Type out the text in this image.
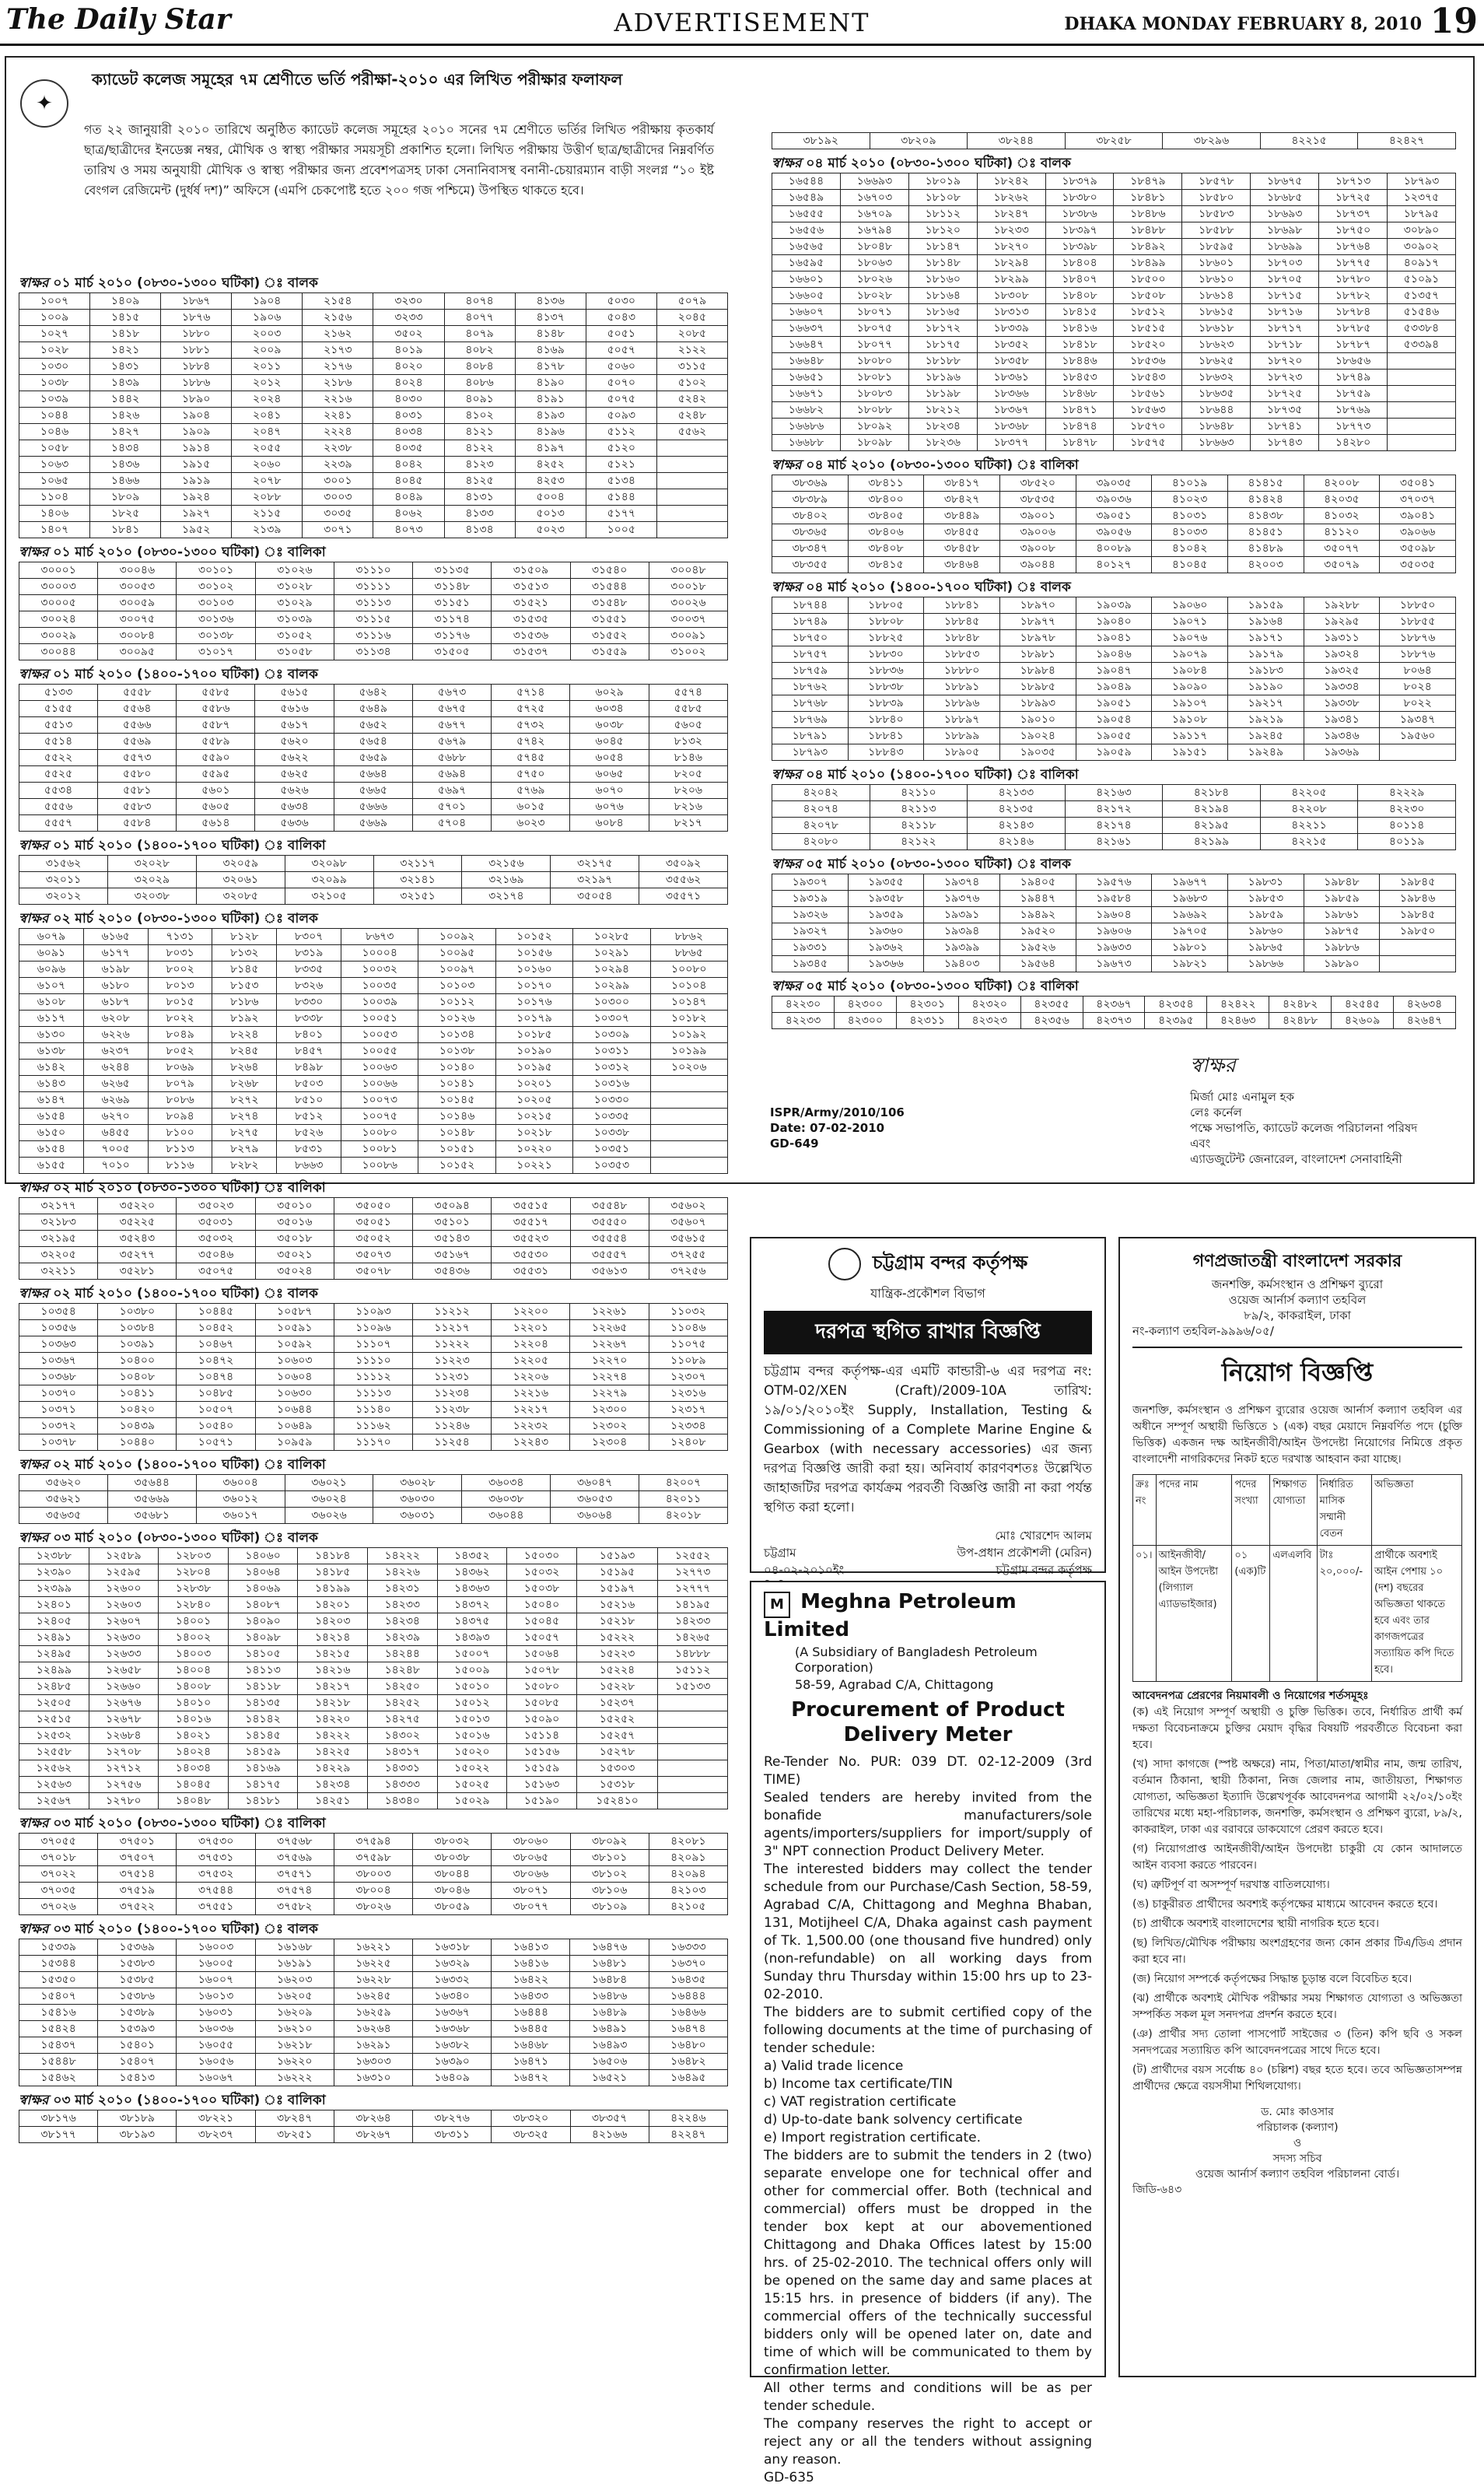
The Daily Star	ADVERTISEMENT	DHAKA MONDAY FEBRUARY 8, 2010 19
✦
ক্যাডেট কলেজ সমূহের ৭ম শ্রেণীতে ভর্তি পরীক্ষা-২০১০ এর লিখিত পরীক্ষার ফলাফল
গত ২২ জানুয়ারী ২০১০ তারিখে অনুষ্ঠিত ক্যাডেট কলেজ সমূহের ২০১০ সনের ৭ম শ্রেণীতে ভর্তির লিখিত পরীক্ষায় কৃতকার্য ছাত্র/ছাত্রীদের ইনডেক্স নম্বর, মৌখিক ও স্বাস্থ্য পরীক্ষার সময়সূচী প্রকাশিত হলো। লিখিত পরীক্ষায় উত্তীর্ণ ছাত্র/ছাত্রীদের নিম্নবর্ণিত তারিখ ও সময় অনুযায়ী মৌখিক ও স্বাস্থ্য পরীক্ষার জন্য প্রবেশপত্রসহ ঢাকা সেনানিবাসস্থ বনানী-চেয়ারম্যান বাড়ী সংলগ্ন “১০ ইষ্ট বেংগল রেজিমেন্ট (দুর্ধর্ষ দশ)” অফিসে (এমপি চেকপোষ্ট হতে ২০০ গজ পশ্চিমে) উপস্থিত থাকতে হবে।
স্বাক্ষর ০১ মার্চ ২০১০ (০৮৩০-১৩০০ ঘটিকা) ঃ বালক
১০০৭	১৪০৯	১৮৬৭	১৯০৪	২১৫৪	৩২৩০	৪০৭৪	৪১৩৬	৫০৩০	৫০৭৯
১০০৯	১৪১৫	১৮৭৬	১৯০৬	২১৫৬	৩২৩৩	৪০৭৭	৪১৩৭	৫০৪৩	২০৪৫
১০২৭	১৪১৮	১৮৮০	২০০৩	২১৬২	৩৫০২	৪০৭৯	৪১৪৮	৫০৫১	২০৮৫
১০২৮	১৪২১	১৮৮১	২০০৯	২১৭৩	৪০১৯	৪০৮২	৪১৬৯	৫০৫৭	২১২২
১০৩০	১৪৩১	১৮৮৪	২০১১	২১৭৬	৪০২০	৪০৮৪	৪১৭৮	৫০৬০	৩১১৫
১০৩৮	১৪৩৯	১৮৮৬	২০১২	২১৮৬	৪০২৪	৪০৮৬	৪১৯০	৫০৭০	৫১০২
১০৩৯	১৪৪২	১৮৯০	২০২৪	২২১৬	৪০৩০	৪০৯১	৪১৯১	৫০৭৫	৫২৪২
১০৪৪	১৪২৬	১৯০৪	২০৪১	২২৪১	৪০৩১	৪১০২	৪১৯৩	৫০৯৩	৫২৪৮
১০৪৬	১৪২৭	১৯০৯	২০৪৭	২২২৪	৪০৩৪	৪১২১	৪১৯৬	৫১১২	৫৫৬২
১০৫৮	১৪৩৪	১৯১৪	২০৫৫	২২৩৮	৪০৩৫	৪১২২	৪১৯৭	৫১২০	
১০৬৩	১৪৩৬	১৯১৫	২০৬০	২২৩৯	৪০৪২	৪১২৩	৪২৫২	৫১২১	
১০৬৫	১৪৬৬	১৯১৯	২০৭৮	৩০০১	৪০৪৫	৪১২৫	৪২৫৩	৫১৩৪	
১১০৪	১৮০৯	১৯২৪	২০৮৮	৩০০৩	৪০৪৯	৪১৩১	৫০০৪	৫১৪৪	
১৪০৬	১৮২৫	১৯২৭	২১১৫	৩০৩৫	৪০৬২	৪১৩৩	৫০১৩	৫১৭৭	
১৪০৭	১৮৪১	১৯৫২	২১৩৯	৩০৭১	৪০৭৩	৪১৩৪	৫০২৩	১০০৫	
স্বাক্ষর ০১ মার্চ ২০১০ (০৮৩০-১৩০০ ঘটিকা) ঃ বালিকা
৩০০০১	৩০০৪৬	৩০১০১	৩১০২৬	৩১১১০	৩১১৩৫	৩১৫০৯	৩১৫৪০	৩০০৪৮
৩০০০৩	৩০০৫৩	৩০১০২	৩১০২৮	৩১১১১	৩১১৪৮	৩১৫১৩	৩১৫৪৪	৩০০১৮
৩০০০৫	৩০০৫৯	৩০১০৩	৩১০২৯	৩১১১৩	৩১১৫১	৩১৫২১	৩১৫৪৮	৩০০২৬
৩০০২৪	৩০০৭৫	৩০১৩৬	৩১০৩৯	৩১১১৫	৩১১৭৪	৩১৫৩৫	৩১৫৫১	৩০০৩৭
৩০০২৯	৩০০৮৪	৩০১৩৮	৩১০৫২	৩১১১৬	৩১১৭৬	৩১৫৩৬	৩১৫৫২	৩০০৯১
৩০০৪৪	৩০০৯৫	৩১০১৭	৩১০৫৮	৩১১৩৪	৩১৫০৫	৩১৫৩৭	৩১৫৫৯	৩১০০২
স্বাক্ষর ০১ মার্চ ২০১০ (১৪০০-১৭০০ ঘটিকা) ঃ বালক
৫১৩৩	৫৫৫৮	৫৫৮৫	৫৬১৫	৫৬৪২	৫৬৭৩	৫৭১৪	৬০২৯	৫৫৭৪
৫১৫৫	৫৫৬৪	৫৫৮৬	৫৬১৬	৫৬৪৯	৫৬৭৫	৫৭২৫	৬০৩৪	৫৫৮৫
৫৫১৩	৫৫৬৬	৫৫৮৭	৫৬১৭	৫৬৫২	৫৬৭৭	৫৭৩২	৬০৩৮	৫৬০৫
৫৫১৪	৫৫৬৯	৫৫৮৯	৫৬২০	৫৬৫৪	৫৬৭৯	৫৭৪২	৬০৪৫	৮১৩২
৫৫২২	৫৫৭৩	৫৫৯০	৫৬২২	৫৬৫৯	৫৬৮৮	৫৭৪৫	৬০৫৪	৮১৪৬
৫৫২৫	৫৫৮০	৫৫৯৫	৫৬২৫	৫৬৬৪	৫৬৯৪	৫৭৫০	৬০৬৫	৮২০৫
৫৫৩৪	৫৫৮১	৫৬০১	৫৬২৬	৫৬৬৫	৫৬৯৭	৫৭৬৯	৬০৭০	৮২০৬
৫৫৫৬	৫৫৮৩	৫৬০৫	৫৬৩৪	৫৬৬৬	৫৭০১	৬০১৫	৬০৭৬	৮২১৬
৫৫৫৭	৫৫৮৪	৫৬১৪	৫৬৩৬	৫৬৬৯	৫৭০৪	৬০২৩	৬০৮৪	৮২১৭
স্বাক্ষর ০১ মার্চ ২০১০ (১৪০০-১৭০০ ঘটিকা) ঃ বালিকা
৩১৫৬২	৩২০২৮	৩২০৫৯	৩২০৯৮	৩২১১৭	৩২১৫৬	৩২১৭৫	৩৫০৯২
৩২০১১	৩২০২৯	৩২০৬১	৩২০৯৯	৩২১৪১	৩২১৬৯	৩২১৯৭	৩৫৫৬২
৩২০১২	৩২০৩৮	৩২০৮৫	৩২১০৫	৩২১৫১	৩২১৭৪	৩৫০৫৪	৩৫৫৭১
স্বাক্ষর ০২ মার্চ ২০১০ (০৮৩০-১৩০০ ঘটিকা) ঃ বালক
৬০৭৯	৬১৬৫	৭১৩১	৮১২৮	৮৩০৭	৮৬৭৩	১০০৯২	১০১৫২	১০২৮৫	৮৮৬২
৬০৯১	৬১৭৭	৮০৩১	৮১৩২	৮৩১৯	১০০০৪	১০০৯৫	১০১৫৬	১০২৯১	৮৮৬৫
৬০৯৬	৬১৯৮	৮০০২	৮১৪৫	৮৩৩৫	১০০৩২	১০০৯৭	১০১৬০	১০২৯৪	১০০৮০
৬১০৭	৬১৮০	৮০১৩	৮১৫৩	৮৩২৬	১০০৩৫	১০১০৩	১০১৭০	১০২৯৯	১০১০৪
৬১০৮	৬১৮৭	৮০১৫	৮১৮৬	৮৩৩০	১০০৩৯	১০১১২	১০১৭৬	১০৩০০	১০১৪৭
৬১১৭	৬২০৮	৮০২২	৮১৯২	৮৩৩৮	১০০৫১	১০১২৬	১০১৭৯	১০৩০৭	১০১৮২
৬১৩০	৬২২৬	৮০৪৯	৮২২৪	৮৪০১	১০০৫৩	১০১৩৪	১০১৮৫	১০৩০৯	১০১৯২
৬১৩৮	৬২৩৭	৮০৫২	৮২৪৫	৮৪৫৭	১০০৫৫	১০১৩৮	১০১৯০	১০৩১১	১০১৯৯
৬১৪২	৬২৪৪	৮০৬৯	৮২৬৪	৮৪৯৮	১০০৬৩	১০১৪০	১০১৯৫	১০৩১২	১০২০৬
৬১৪৩	৬২৬৫	৮০৭৯	৮২৬৮	৮৫০৩	১০০৬৬	১০১৪১	১০২০১	১০৩১৬	
৬১৪৭	৬২৬৯	৮০৮৬	৮২৭২	৮৫১০	১০০৭৩	১০১৪৫	১০২০৫	১০৩৩০	
৬১৫৪	৬২৭০	৮০৯৪	৮২৭৪	৮৫১২	১০০৭৫	১০১৪৬	১০২১৫	১০৩৩৫	
৬১৫০	৬৪৫৫	৮১০০	৮২৭৫	৮৫২৬	১০০৮০	১০১৪৮	১০২১৮	১০৩৩৮	
৬১৫৪	৭০০৫	৮১১৩	৮২৭৯	৮৫৩১	১০০৮১	১০১৫১	১০২২০	১০৩৫১	
৬১৫৫	৭০১০	৮১১৬	৮২৮২	৮৬৬৩	১০০৮৬	১০১৫২	১০২২১	১০৩৫৩	
স্বাক্ষর ০২ মার্চ ২০১০ (০৮৩০-১৩০০ ঘটিকা) ঃ বালিকা
৩২১৭৭	৩৫২২০	৩৫০২৩	৩৫০১০	৩৫০৫০	৩৫০৯৪	৩৫৫১৫	৩৫৫৪৮	৩৫৬০২
৩২১৮৩	৩৫২২৫	৩৫০৩১	৩৫০১৬	৩৫০৫১	৩৫১০১	৩৫৫১৭	৩৫৫৫০	৩৫৬০৭
৩২১৯৫	৩৫২৪৩	৩৫০৩২	৩৫০১৮	৩৫০৫২	৩৫১৪৩	৩৫৫২৩	৩৫৫৫৪	৩৫৬১৫
৩২২০৫	৩৫২৭৭	৩৫০৪৬	৩৫০২১	৩৫০৭৩	৩৫১৬৭	৩৫৫৩০	৩৫৫৫৭	৩৭২৫৫
৩২২১১	৩৫২৮১	৩৫০৭৫	৩৫০২৪	৩৫০৭৮	৩৫৪৩৬	৩৫৫৩১	৩৫৬১৩	৩৭২৫৬
স্বাক্ষর ০২ মার্চ ২০১০ (১৪০০-১৭০০ ঘটিকা) ঃ বালক
১০৩৫৪	১০৩৮০	১০৪৪৫	১০৫৮৭	১১০৯৩	১১২১২	১২২০০	১২২৬১	১১০৩২
১০৩৫৬	১০৩৮৪	১০৪৫২	১০৫৯১	১১০৯৬	১১২১৭	১২২০১	১২২৬৫	১১০৪৬
১০৩৬৩	১০৩৯১	১০৪৬৭	১০৫৯২	১১১০৭	১১২২২	১২২০৪	১২২৬৭	১১০৭৫
১০৩৬৭	১০৪০০	১০৪৭২	১০৬০৩	১১১১০	১১২২৩	১২২০৫	১২২৭০	১১০৮৯
১০৩৬৮	১০৪০৮	১০৪৭৪	১০৬০৪	১১১১২	১১২৩১	১২২০৬	১২২৭৪	১২৩০৭
১০৩৭০	১০৪১১	১০৪৮৫	১০৬৩০	১১১১৩	১১২৩৪	১২২১৬	১২২৭৯	১২৩১৬
১০৩৭১	১০৪২০	১০৫০৭	১০৬৪৪	১১১৪০	১১২৩৮	১২২১৭	১২৩০০	১২৩১৭
১০৩৭২	১০৪৩৯	১০৫৪০	১০৬৪৯	১১১৬২	১১২৪৬	১২২৩২	১২৩০২	১২৩৩৪
১০৩৭৮	১০৪৪০	১০৫৭১	১০৯৫৯	১১১৭০	১১২৫৪	১২২৪৩	১২৩০৪	১২৪০৮
স্বাক্ষর ০২ মার্চ ২০১০ (১৪০০-১৭০০ ঘটিকা) ঃ বালিকা
৩৫৬২০	৩৫৬৪৪	৩৬০০৪	৩৬০২১	৩৬০২৮	৩৬০৩৪	৩৬০৪৭	৪২০০৭
৩৫৬২১	৩৫৬৬৯	৩৬০১২	৩৬০২৪	৩৬০৩০	৩৬০৩৮	৩৬০৫৩	৪২০১১
৩৫৬৩৫	৩৫৬৮১	৩৬০১৭	৩৬০২৬	৩৬০৩১	৩৬০৪৪	৩৬০৬৪	৪২০১৮
স্বাক্ষর ০৩ মার্চ ২০১০ (০৮৩০-১৩০০ ঘটিকা) ঃ বালক
১২৩৮৮	১২৫৮৯	১২৮০৩	১৪০৬০	১৪১৮৪	১৪২২২	১৪৩৫২	১৫০৩০	১৫১৯৩	১২৫৫২
১২৩৯০	১২৫৯৫	১২৮০৪	১৪০৬৪	১৪১৮৫	১৪২২৬	১৪৩৬২	১৫০৩২	১৫১৯৫	১২৭৭৩
১২৩৯৯	১২৬০০	১২৮৩৮	১৪০৬৯	১৪১৯৯	১৪২৩১	১৪৩৬৩	১৫০৩৮	১৫১৯৭	১২৭৭৭
১২৪০১	১২৬০৩	১২৮৪০	১৪০৮৭	১৪২০১	১৪২৩৩	১৪৩৭২	১৫০৪০	১৫২১৬	১৪১৯৫
১২৪০৫	১২৬০৭	১৪০০১	১৪০৯০	১৪২০৩	১৪২৩৪	১৪৩৭৫	১৫০৪৫	১৫২১৮	১৪২৩৩
১২৪৯১	১২৬৩০	১৪০০২	১৪০৯৮	১৪২১৪	১৪২৩৯	১৪৩৯৩	১৫০৫৭	১৫২২২	১৪২৬৫
১২৪৯৫	১২৬৩৩	১৪০০৩	১৪১০৫	১৪২১৫	১৪২৪৪	১৫০০৭	১৫০৬৪	১৫২২৩	১৪৮৮৮
১২৪৯৯	১২৬৫৮	১৪০০৪	১৪১১৩	১৪২১৬	১৪২৪৮	১৫০০৯	১৫০৭৮	১৫২২৪	১৫১১২
১২৪৮৫	১২৬৬০	১৪০০৮	১৪১১৮	১৪২১৭	১৪২৫০	১৫০১০	১৫০৮০	১৫২২৮	১৫১৩৩
১২৫০৫	১২৬৭৬	১৪০১০	১৪১৩৫	১৪২১৮	১৪২৫২	১৫০১২	১৫০৮৫	১৫২৩৭	
১২৫১৫	১২৬৭৮	১৪০১৬	১৪১৪২	১৪২২০	১৪২৭৫	১৫০১৩	১৫০৯০	১৫২৫২	
১২৫৩২	১২৬৮৪	১৪০২১	১৪১৪৫	১৪২২২	১৪৩০২	১৫০১৬	১৫১১৪	১৫২৫৭	
১২৫৫৮	১২৭০৮	১৪০২৪	১৪১৫৯	১৪২২৫	১৪৩১৭	১৫০২০	১৫১৫৬	১৫২৭৮	
১২৫৬২	১২৭১২	১৪০৩৪	১৪১৬৯	১৪২২৯	১৪৩৩১	১৫০২২	১৫১৫৯	১৫৩০৩	
১২৫৬৩	১২৭৫৬	১৪০৪৫	১৪১৭৫	১৪২৩৪	১৪৩৩৩	১৫০২৫	১৫১৬৩	১৫৩১৮	
১২৫৬৭	১২৭৮০	১৪০৪৮	১৪১৮১	১৪২৫১	১৪৩৪০	১৫০২৯	১৫১৯০	১৫২৪১০	
স্বাক্ষর ০৩ মার্চ ২০১০ (০৮৩০-১৩০০ ঘটিকা) ঃ বালিকা
৩৭০৫৫	৩৭৫০১	৩৭৫৩০	৩৭৫৬৮	৩৭৫৯৪	৩৮০৩২	৩৮০৬০	৩৮০৯২	৪২০৮১
৩৭০১৮	৩৭৫০৭	৩৭৫৩১	৩৭৫৬৯	৩৭৫৯৮	৩৮০৩৮	৩৮০৬৫	৩৮১০১	৪২০৯১
৩৭০২২	৩৭৫১৪	৩৭৫৩২	৩৭৫৭১	৩৮০০৩	৩৮০৪৪	৩৮০৬৬	৩৮১০২	৪২০৯৪
৩৭০৩৫	৩৭৫১৯	৩৭৫৪৪	৩৭৫৭৪	৩৮০০৪	৩৮০৪৬	৩৮০৭১	৩৮১০৬	৪২১০৩
৩৭০২৬	৩৭৫২২	৩৭৫৫১	৩৭৫৮২	৩৮০২৬	৩৮০৫৯	৩৮০৭৭	৩৮১০৯	৪২১০৫
স্বাক্ষর ০৩ মার্চ ২০১০ (১৪০০-১৭০০ ঘটিকা) ঃ বালক
১৫৩৩৯	১৫৩৬৯	১৬০০৩	১৬১৬৮	১৬২২১	১৬৩১৮	১৬৪১৩	১৬৪৭৬	১৬৩৩৩
১৫৩৪৪	১৫৩৮৩	১৬০০৫	১৬১৯১	১৬২২৫	১৬৩২৯	১৬৪১৬	১৬৪৮১	১৬৩৭০
১৫৩৫০	১৫৩৮৫	১৬০০৭	১৬২০৩	১৬২২৮	১৬৩৩২	১৬৪২২	১৬৪৮৪	১৬৪৩৫
১৫৪০৭	১৫৩৮৬	১৬০১৩	১৬২০৫	১৬২৪৫	১৬৩৪০	১৬৪৩৩	১৬৪৮৬	১৬৪৪৪
১৫৪১৬	১৫৩৮৯	১৬০৩১	১৬২০৯	১৬২৫৯	১৬৩৬৭	১৬৪৪৪	১৬৪৮৯	১৬৪৬৬
১৫৪২৪	১৫৩৯৩	১৬০৩৬	১৬২১০	১৬২৬৪	১৬৩৬৮	১৬৪৪৫	১৬৪৯১	১৬৪৭৪
১৫৪৩৭	১৫৪০১	১৬০৫৫	১৬২১৮	১৬২৯১	১৬৩৮২	১৬৪৬৮	১৬৪৯৩	১৬৪৮০
১৫৪৪৮	১৫৪০৭	১৬০৫৬	১৬২২০	১৬৩০৩	১৬৩৯০	১৬৪৭১	১৬৫০৬	১৬৪৮২
১৫৪৬২	১৫৪১৩	১৬০৬৭	১৬২২২	১৬৩১০	১৬৪০৯	১৬৪৭২	১৬৫২১	১৬৪৯৫
স্বাক্ষর ০৩ মার্চ ২০১০ (১৪০০-১৭০০ ঘটিকা) ঃ বালিকা
৩৮১৭৬	৩৮১৮৯	৩৮২২১	৩৮২৪৭	৩৮২৬৪	৩৮২৭৬	৩৮৩২০	৩৮৩৫৭	৪২২৪৬
৩৮১৭৭	৩৮১৯৩	৩৮২৩৭	৩৮২৫১	৩৮২৬৭	৩৮৩১১	৩৮৩২৫	৪২১৬৬	৪২২৪৭
৩৮১৯২	৩৮২০৯	৩৮২৪৪	৩৮২৫৮	৩৮২৯৬	৪২২১৫	৪২৪২৭
স্বাক্ষর ০৪ মার্চ ২০১০ (০৮৩০-১৩০০ ঘটিকা) ঃ বালক
১৬৫৪৪	১৬৬৯৩	১৮০১৯	১৮২৪২	১৮৩৭৯	১৮৪৭৯	১৮৫৭৮	১৮৬৭৫	১৮৭১৩	১৮৭৯৩
১৬৫৪৯	১৬৭০৩	১৮১০৮	১৮২৬২	১৮৩৮০	১৮৪৮১	১৮৫৮০	১৮৬৮৫	১৮৭২৫	১২৩৭৫
১৬৫৫৫	১৬৭০৯	১৮১১২	১৮২৪৭	১৮৩৮৬	১৮৪৮৬	১৮৫৮৩	১৮৬৯৩	১৮৭৩৭	১৮৭৯৫
১৬৫৫৬	১৬৭৯৪	১৮১২০	১৮২৩৩	১৮৩৯৭	১৮৪৮৮	১৮৫৮৮	১৮৬৯৮	১৮৭৫০	৩০৮৯০
১৬৫৬৫	১৮০৪৮	১৮১৪৭	১৮২৭০	১৮৩৯৮	১৮৪৯২	১৮৫৯৫	১৮৬৯৯	১৮৭৬৪	৩০৯০২
১৬৫৯৫	১৮০৬৩	১৮১৪৮	১৮২৯৪	১৮৪০৪	১৮৪৯৯	১৮৬০১	১৮৭০৩	১৮৭৭৫	৪০৯১৭
১৬৬০১	১৮০২৬	১৮১৬০	১৮২৯৯	১৮৪০৭	১৮৫০০	১৮৬১০	১৮৭০৫	১৮৭৮০	৫১০৯১
১৬৬০৫	১৮০২৮	১৮১৬৪	১৮৩০৮	১৮৪০৮	১৮৫০৮	১৮৬১৪	১৮৭১৫	১৮৭৮২	৫১৩৫৭
১৬৬০৭	১৮০৭১	১৮১৬৫	১৮৩১৩	১৮৪১৫	১৮৫১২	১৮৬১৫	১৮৭১৬	১৮৭৮৪	৫১৫৪৬
১৬৬৩৭	১৮০৭৫	১৮১৭২	১৮৩৩৯	১৮৪১৬	১৮৫১৫	১৮৬১৮	১৮৭১৭	১৮৭৮৫	৫৩৩৮৪
১৬৬৪৭	১৮০৭৭	১৮১৭৫	১৮৩৫২	১৮৪১৮	১৮৫২০	১৮৬২৩	১৮৭১৮	১৮৭৮৭	৫৩৩৯৪
১৬৬৪৮	১৮০৮০	১৮১৮৮	১৮৩৫৮	১৮৪৪৬	১৮৫৩৬	১৮৬২৫	১৮৭২০	১৮৬৫৬	
১৬৬৫১	১৮০৮১	১৮১৯৬	১৮৩৬১	১৮৪৫৩	১৮৫৪৩	১৮৬৩২	১৮৭২৩	১৮৭৪৯	
১৬৬৭১	১৮০৮৩	১৮১৯৮	১৮৩৬৬	১৮৪৬৮	১৮৫৬১	১৮৬৩৫	১৮৭২৫	১৮৭৫৯	
১৬৬৮২	১৮০৮৮	১৮২১২	১৮৩৬৭	১৮৪৭১	১৮৫৬৩	১৮৬৪৪	১৮৭৩৫	১৮৭৬৯	
১৬৬৮৬	১৮০৯২	১৮২৩৪	১৮৩৬৮	১৮৪৭৪	১৮৫৭০	১৮৬৪৮	১৮৭৪১	১৮৭৭৩	
১৬৬৮৮	১৮০৯৮	১৮২৩৬	১৮৩৭৭	১৮৪৭৮	১৮৫৭৫	১৮৬৬৩	১৮৭৪৩	১৪২৮০	
স্বাক্ষর ০৪ মার্চ ২০১০ (০৮৩০-১৩০০ ঘটিকা) ঃ বালিকা
৩৮৩৬৯	৩৮৪১১	৩৮৪১৭	৩৮৫২০	৩৯০৩৫	৪১০১৯	৪১৪১৫	৪২০০৮	৩৫০৪১
৩৮৩৮৯	৩৮৪০০	৩৮৪২৭	৩৮৫৩৫	৩৯০৩৬	৪১০২৩	৪১৪২৪	৪২০৩৫	৩৭০৩৭
৩৮৪০২	৩৮৪০৫	৩৮৪৪৯	৩৯০০১	৩৯০৫১	৪১০৩১	৪১৪৩৮	৪১০৩২	৩৯০৪১
৩৮৩৬৫	৩৮৪০৬	৩৮৪৫৫	৩৯০০৬	৩৯০৫৬	৪১০৩৩	৪১৪৫১	৪১১২০	৩৯০৬৬
৩৮৩৪৭	৩৮৪০৮	৩৮৪৫৮	৩৯০০৮	৪০০৮৯	৪১০৪২	৪১৪৮৯	৩৫০৭৭	৩৫০৯৮
৩৮৩৫৫	৩৮৪১৫	৩৮৪৬৪	৩৯০৪৪	৪০১২৭	৪১০৪৫	৪২০০৩	৩৫০৭৯	৩৫০৩৫
স্বাক্ষর ০৪ মার্চ ২০১০ (১৪০০-১৭০০ ঘটিকা) ঃ বালক
১৮৭৪৪	১৮৮০৫	১৮৮৪১	১৮৯৭০	১৯০৩৯	১৯০৬০	১৯১৫৯	১৯২৮৮	১৮৮৫০
১৮৭৪৯	১৮৮০৮	১৮৮৪৫	১৮৯৭৭	১৯০৪০	১৯০৭১	১৯১৬৪	১৯২৯৫	১৮৮৫৫
১৮৭৫০	১৮৮২৫	১৮৮৪৮	১৮৯৭৮	১৯০৪১	১৯০৭৬	১৯১৭১	১৯৩১১	১৮৮৭৬
১৮৭৫৭	১৮৮৩০	১৮৮৫৩	১৮৯৮১	১৯০৪৬	১৯০৭৯	১৯১৭৯	১৯৩২৪	১৮৮৭৬
১৮৭৫৯	১৮৮৩৬	১৮৮৮০	১৮৯৮৪	১৯০৪৭	১৯০৮৪	১৯১৮৩	১৯৩২৫	৮০৬৪
১৮৭৬২	১৮৮৩৮	১৮৮৯১	১৮৯৮৫	১৯০৪৯	১৯০৯০	১৯১৯০	১৯৩৩৪	৮০২৪
১৮৭৬৮	১৮৮৩৯	১৮৮৯৬	১৮৯৯৩	১৯০৫১	১৯১০৭	১৯২১৭	১৯৩৩৮	৮০২২
১৮৭৬৯	১৮৮৪০	১৮৮৯৭	১৯০১০	১৯০৫৪	১৯১০৮	১৯২১৯	১৯৩৪১	১৯৩৪৭
১৮৭৯১	১৮৮৪১	১৮৮৯৯	১৯০২৪	১৯০৫৫	১৯১১৭	১৯২৪৫	১৯৩৪৬	১৯৫৬০
১৮৭৯৩	১৮৮৪৩	১৮৯০৫	১৯০৩৫	১৯০৫৯	১৯১৫১	১৯২৪৯	১৯৩৬৯	
স্বাক্ষর ০৪ মার্চ ২০১০ (১৪০০-১৭০০ ঘটিকা) ঃ বালিকা
৪২০৪২	৪২১১০	৪২১৩৩	৪২১৬৩	৪২১৮৪	৪২২০৫	৪২২২৯
৪২০৭৪	৪২১১৩	৪২১৩৫	৪২১৭২	৪২১৯৪	৪২২০৮	৪২২৩০
৪২০৭৮	৪২১১৮	৪২১৪৩	৪২১৭৪	৪২১৯৫	৪২২১১	৪০১১৪
৪২০৮০	৪২১২২	৪২১৪৬	৪২১৬১	৪২১৯৯	৪২২১৫	৪০১১৯
স্বাক্ষর ০৫ মার্চ ২০১০ (০৮৩০-১৩০০ ঘটিকা) ঃ বালক
১৯৩০৭	১৯৩৫৫	১৯৩৭৪	১৯৪০৫	১৯৫৭৬	১৯৬৭৭	১৯৮৩১	১৯৮৪৮	১৯৮৪৫
১৯৩১৯	১৯৩৫৮	১৯৩৭৬	১৯৪৪৭	১৯৫৮৪	১৯৬৮৩	১৯৮৫৩	১৯৮৫৯	১৯৮৪৬
১৯৩২৬	১৯৩৫৯	১৯৩৯১	১৯৪৯২	১৯৬০৪	১৯৬৯২	১৯৮৫৯	১৯৮৬১	১৯৮৪৫
১৯৩২৭	১৯৩৬০	১৯৩৯৪	১৯৫২০	১৯৬০৬	১৯৭০৫	১৯৮৬০	১৯৮৭৫	১৯৮৫০
১৯৩৩১	১৯৩৬২	১৯৩৯৯	১৯৫২৬	১৯৬৩৩	১৯৮০১	১৯৮৬৫	১৯৮৮৬	
১৯৩৪৫	১৯৩৬৬	১৯৪০৩	১৯৫৬৪	১৯৬৭৩	১৯৮২১	১৯৮৬৬	১৯৮৯০	
স্বাক্ষর ০৫ মার্চ ২০১০ (০৮৩০-১৩০০ ঘটিকা) ঃ বালিকা
৪২২৩০	৪২৩০০	৪২৩০১	৪২৩২০	৪২৩৫৫	৪২৩৬৭	৪২৩৫৪	৪২৪২২	৪২৪৮২	৪২৫৪৫	৪২৬৩৪
৪২২৩৩	৪২৩০০	৪২৩১১	৪২৩২৩	৪২৩৫৬	৪২৩৭৩	৪২৩৯৫	৪২৪৬৩	৪২৪৮৮	৪২৬০৯	৪২৬৪৭
স্বাক্ষর
মির্জা মোঃ এনামুল হক
লেঃ কর্নেল
পক্ষে সভাপতি, ক্যাডেট কলেজ পরিচালনা পরিষদ
এবং
এ্যাডজুটেন্ট জেনারেল, বাংলাদেশ সেনাবাহিনী
ISPR/Army/2010/106
Date: 07-02-2010
GD-649
চট্টগ্রাম বন্দর কর্তৃপক্ষ
যান্ত্রিক-প্রকৌশল বিভাগ
দরপত্র স্থগিত রাখার বিজ্ঞপ্তি
চট্টগ্রাম বন্দর কর্তৃপক্ষ-এর এমটি কান্ডারী-৬ এর দরপত্র নং: OTM-02/XEN (Craft)/2009-10A তারিখ: ১৯/০১/২০১০ইং Supply, Installation, Testing & Commissioning of a Complete Marine Engine & Gearbox (with necessary accessories) এর জন্য দরপত্র বিজ্ঞপ্তি জারী করা হয়। অনিবার্য কারণবশতঃ উল্লেখিত জাহাজটির দরপত্র কার্যক্রম পরবর্তী বিজ্ঞপ্তি জারী না করা পর্যন্ত স্থগিত করা হলো।
মোঃ খোরশেদ আলম
চট্টগ্রাম	উপ-প্রধান প্রকৌশলী (মেরিন)
০৪-০২-২০১০ইং	চট্টগ্রাম বন্দর কর্তৃপক্ষ
M Meghna Petroleum Limited
(A Subsidiary of Bangladesh Petroleum Corporation)
58-59, Agrabad C/A, Chittagong
Procurement of Product Delivery Meter
Re-Tender No. PUR: 039 DT. 02-12-2009 (3rd TIME)
Sealed tenders are hereby invited from the bonafide manufacturers/sole agents/importers/suppliers for import/supply of 3" NPT connection Product Delivery Meter.
The interested bidders may collect the tender schedule from our Purchase/Cash Section, 58-59, Agrabad C/A, Chittagong and Meghna Bhaban, 131, Motijheel C/A, Dhaka against cash payment of Tk. 1,500.00 (one thousand five hundred) only (non-refundable) on all working days from Sunday thru Thursday within 15:00 hrs up to 23-02-2010.
The bidders are to submit certified copy of the following documents at the time of purchasing of tender schedule:
a) Valid trade licence
b) Income tax certificate/TIN
c) VAT registration certificate
d) Up-to-date bank solvency certificate
e) Import registration certificate.
The bidders are to submit the tenders in 2 (two) separate envelope one for technical offer and other for commercial offer. Both (technical and commercial) offers must be dropped in the tender box kept at our abovementioned Chittagong and Dhaka Offices latest by 15:00 hrs. of 25-02-2010. The technical offers only will be opened on the same day and same places at 15:15 hrs. in presence of bidders (if any). The commercial offers of the technically successful bidders only will be opened later on, date and time of which will be communicated to them by confirmation letter.
All other terms and conditions will be as per tender schedule.
The company reserves the right to accept or reject any or all the tenders without assigning any reason.
GD-635
গণপ্রজাতন্ত্রী বাংলাদেশ সরকার
জনশক্তি, কর্মসংস্থান ও প্রশিক্ষণ ব্যুরো
ওয়েজ আর্নার্স কল্যাণ তহবিল
৮৯/২, কাকরাইল, ঢাকা
নং-কল্যাণ তহবিল-৯৯৯৬/০৫/
নিয়োগ বিজ্ঞপ্তি
জনশক্তি, কর্মসংস্থান ও প্রশিক্ষণ ব্যুরোর ওয়েজ আর্নার্স কল্যাণ তহবিল এর অধীনে সম্পূর্ণ অস্থায়ী ভিত্তিতে ১ (এক) বছর মেয়াদে নিম্নবর্ণিত পদে (চুক্তি ভিত্তিক) একজন দক্ষ আইনজীবী/আইন উপদেষ্টা নিয়োগের নিমিত্তে প্রকৃত বাংলাদেশী নাগরিকদের নিকট হতে দরখাস্ত আহবান করা যাচ্ছে।
ক্রঃ নং	পদের নাম	পদের সংখ্যা	শিক্ষাগত যোগ্যতা	নির্ধারিত মাসিক সম্মানী বেতন	অভিজ্ঞতা
০১।	আইনজীবী/ আইন উপদেষ্টা (লিগ্যাল এ্যাডভাইজার)	০১ (এক)টি	এলএলবি	টাঃ ২০,০০০/-	প্রার্থীকে অবশ্যই আইন পেশায় ১০ (দশ) বছরের অভিজ্ঞতা থাকতে হবে এবং তার কাগজপত্রের সত্যায়িত কপি দিতে হবে।
আবেদনপত্র প্রেরণের নিয়মাবলী ও নিয়োগের শর্তসমূহঃ
(ক) এই নিয়োগ সম্পূর্ণ অস্থায়ী ও চুক্তি ভিত্তিক। তবে, নির্ধারিত প্রার্থী কর্ম দক্ষতা বিবেচনাক্রমে চুক্তির মেয়াদ বৃদ্ধির বিষয়টি পরবর্তীতে বিবেচনা করা হবে।
(খ) সাদা কাগজে (স্পষ্ট অক্ষরে) নাম, পিতা/মাতা/স্বামীর নাম, জন্ম তারিখ, বর্তমান ঠিকানা, স্থায়ী ঠিকানা, নিজ জেলার নাম, জাতীয়তা, শিক্ষাগত যোগ্যতা, অভিজ্ঞতা ইত্যাদি উল্লেখপূর্বক আবেদনপত্র আগামী ২২/০২/১০ইং তারিখের মধ্যে মহা-পরিচালক, জনশক্তি, কর্মসংস্থান ও প্রশিক্ষণ ব্যুরো, ৮৯/২, কাকরাইল, ঢাকা এর বরাবরে ডাকযোগে প্রেরণ করতে হবে।
(গ) নিয়োগপ্রাপ্ত আইনজীবী/আইন উপদেষ্টা চাকুরী যে কোন আদালতে আইন ব্যবসা করতে পারবেন।
(ঘ) ত্রুটিপূর্ণ বা অসম্পূর্ণ দরখাস্ত বাতিলযোগ্য।
(ঙ) চাকুরীরত প্রার্থীদের অবশ্যই কর্তৃপক্ষের মাধ্যমে আবেদন করতে হবে।
(চ) প্রার্থীকে অবশ্যই বাংলাদেশের স্থায়ী নাগরিক হতে হবে।
(ছ) লিখিত/মৌখিক পরীক্ষায় অংশগ্রহণের জন্য কোন প্রকার টিএ/ডিএ প্রদান করা হবে না।
(জ) নিয়োগ সম্পর্কে কর্তৃপক্ষের সিদ্ধান্ত চূড়ান্ত বলে বিবেচিত হবে।
(ঝ) প্রার্থীকে অবশ্যই মৌখিক পরীক্ষার সময় শিক্ষাগত যোগ্যতা ও অভিজ্ঞতা সম্পর্কিত সকল মূল সনদপত্র প্রদর্শন করতে হবে।
(ঞ) প্রার্থীর সদ্য তোলা পাসপোর্ট সাইজের ৩ (তিন) কপি ছবি ও সকল সনদপত্রের সত্যায়িত কপি আবেদনপত্রের সাথে দিতে হবে।
(ট) প্রার্থীদের বয়স সর্বোচ্চ ৪০ (চল্লিশ) বছর হতে হবে। তবে অভিজ্ঞতাসম্পন্ন প্রার্থীদের ক্ষেত্রে বয়সসীমা শিথিলযোগ্য।
ড. মোঃ কাওসার
পরিচালক (কল্যাণ)
ও
সদস্য সচিব
ওয়েজ আর্নার্স কল্যাণ তহবিল পরিচালনা বোর্ড।
জিডি-৬৪৩
